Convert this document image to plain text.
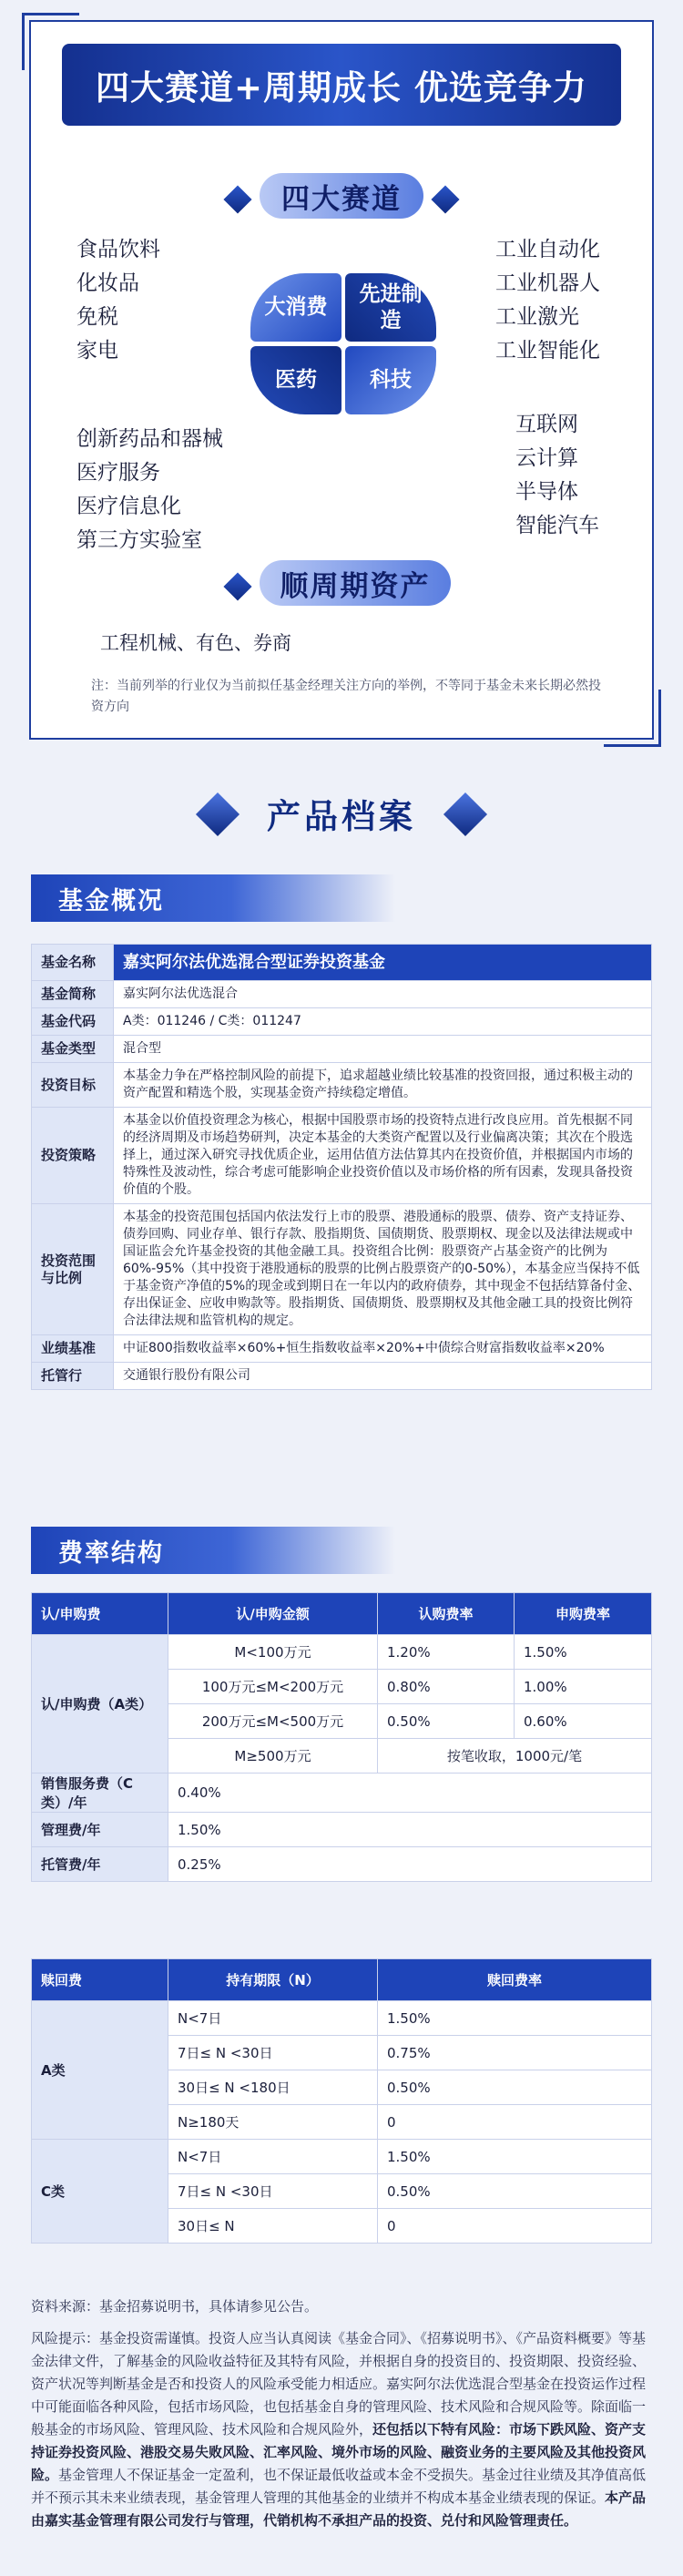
四大赛道+周期成长 优选竞争力
四大赛道
食品饮料
化妆品
免税
家电
工业自动化
工业机器人
工业激光
工业智能化
创新药品和器械
医疗服务
医疗信息化
第三方实验室
互联网
云计算
半导体
智能汽车
大消费
先进制造
医药	科技
顺周期资产
工程机械、有色、券商
注：当前列举的行业仅为当前拟任基金经理关注方向的举例，不等同于基金未来长期必然投资方向
产品档案
基金概况
基金名称	嘉实阿尔法优选混合型证券投资基金
基金简称	嘉实阿尔法优选混合
基金代码	A类：011246 / C类：011247
基金类型	混合型
投资目标	本基金力争在严格控制风险的前提下，追求超越业绩比较基准的投资回报，通过积极主动的资产配置和精选个股，实现基金资产持续稳定增值。
投资策略	本基金以价值投资理念为核心，根据中国股票市场的投资特点进行改良应用。首先根据不同的经济周期及市场趋势研判，决定本基金的大类资产配置以及行业偏离决策；其次在个股选择上，通过深入研究寻找优质企业，运用估值方法估算其内在投资价值，并根据国内市场的特殊性及波动性，综合考虑可能影响企业投资价值以及市场价格的所有因素，发现具备投资价值的个股。
投资范围与比例	本基金的投资范围包括国内依法发行上市的股票、港股通标的股票、债券、资产支持证券、债券回购、同业存单、银行存款、股指期货、国债期货、股票期权、现金以及法律法规或中国证监会允许基金投资的其他金融工具。投资组合比例：股票资产占基金资产的比例为60%-95%（其中投资于港股通标的股票的比例占股票资产的0-50%），本基金应当保持不低于基金资产净值的5%的现金或到期日在一年以内的政府债券，其中现金不包括结算备付金、存出保证金、应收申购款等。股指期货、国债期货、股票期权及其他金融工具的投资比例符合法律法规和监管机构的规定。
业绩基准	中证800指数收益率×60%+恒生指数收益率×20%+中债综合财富指数收益率×20%
托管行	交通银行股份有限公司
费率结构
认/申购费	认/申购金额	认购费率	申购费率
认/申购费（A类）	M<100万元	1.20%	1.50%
	100万元≤M<200万元	0.80%	1.00%
	200万元≤M<500万元	0.50%	0.60%
	M≥500万元	按笔收取，1000元/笔	
销售服务费（C类）/年	0.40%		
管理费/年	1.50%		
托管费/年	0.25%		
赎回费	持有期限（N）	赎回费率
A类	N<7日	1.50%
	7日≤ N <30日	0.75%
	30日≤ N <180日	0.50%
	N≥180天	0
C类	N<7日	1.50%
	7日≤ N <30日	0.50%
	30日≤ N	0
资料来源：基金招募说明书，具体请参见公告。
风险提示：基金投资需谨慎。投资人应当认真阅读《基金合同》、《招募说明书》、《产品资料概要》等基金法律文件，了解基金的风险收益特征及其特有风险，并根据自身的投资目的、投资期限、投资经验、资产状况等判断基金是否和投资人的风险承受能力相适应。嘉实阿尔法优选混合型基金在投资运作过程中可能面临各种风险，包括市场风险，也包括基金自身的管理风险、技术风险和合规风险等。除面临一般基金的市场风险、管理风险、技术风险和合规风险外，还包括以下特有风险：市场下跌风险、资产支持证券投资风险、港股交易失败风险、汇率风险、境外市场的风险、融资业务的主要风险及其他投资风险。基金管理人不保证基金一定盈利，也不保证最低收益或本金不受损失。基金过往业绩及其净值高低并不预示其未来业绩表现，基金管理人管理的其他基金的业绩并不构成本基金业绩表现的保证。本产品由嘉实基金管理有限公司发行与管理，代销机构不承担产品的投资、兑付和风险管理责任。
